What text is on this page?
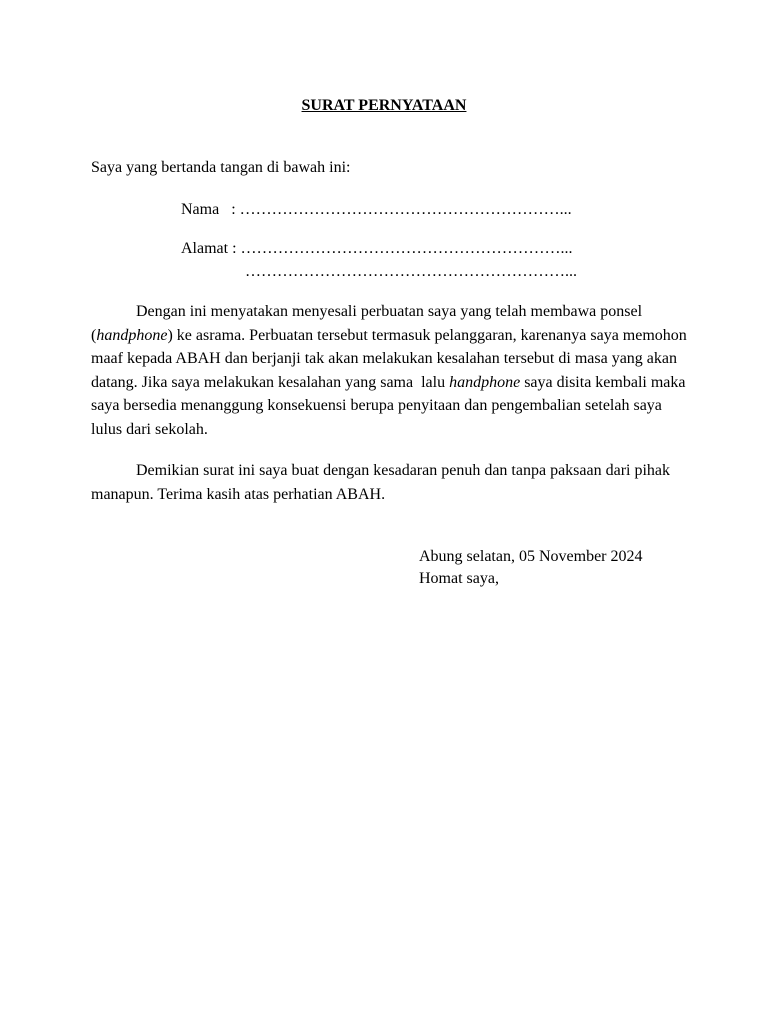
SURAT PERNYATAAN
Saya yang bertanda tangan di bawah ini:
Nama   : ……………………………………………………...
Alamat : ……………………………………………………...
……………………………………………………...

Dengan ini menyatakan menyesali perbuatan saya yang telah membawa ponsel (handphone) ke asrama. Perbuatan tersebut termasuk pelanggaran, karenanya saya memohon maaf kepada ABAH dan berjanji tak akan melakukan kesalahan tersebut di masa yang akan datang. Jika saya melakukan kesalahan yang sama  lalu handphone saya disita kembali maka saya bersedia menanggung konsekuensi berupa penyitaan dan pengembalian setelah saya lulus dari sekolah.

Demikian surat ini saya buat dengan kesadaran penuh dan tanpa paksaan dari pihak manapun. Terima kasih atas perhatian ABAH.

Abung selatan, 05 November 2024
Homat saya,
